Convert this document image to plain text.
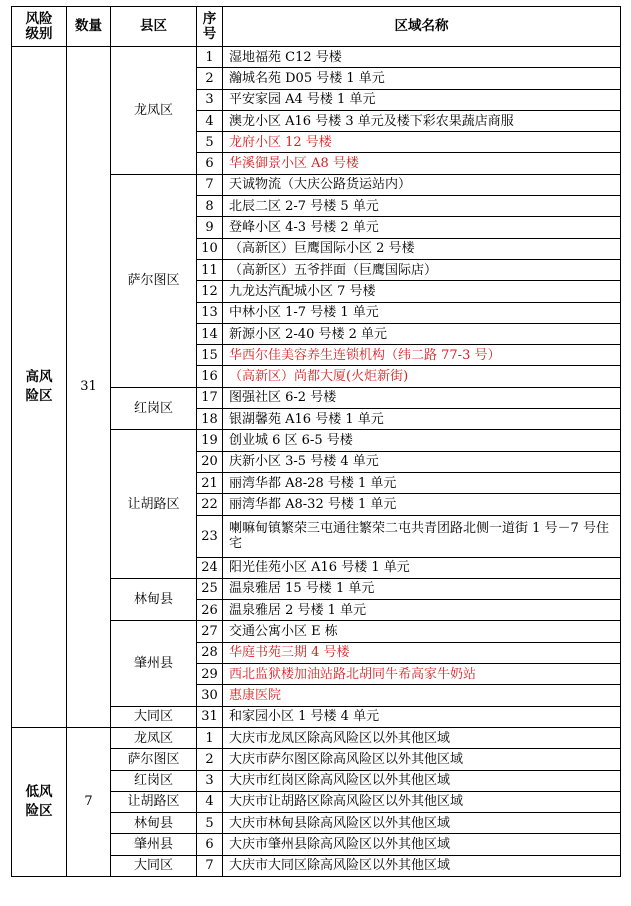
风险
级别	数量	县区	序
号	区域名称
高风
险区	31	龙凤区	1	湿地福苑 C12 号楼
			2	瀚城名苑 D05 号楼 1 单元
			3	平安家园 A4 号楼 1 单元
			4	澳龙小区 A16 号楼 3 单元及楼下彩农果蔬店商服
			5	龙府小区 12 号楼
			6	华溪御景小区 A8 号楼
		萨尔图区	7	天诚物流（大庆公路货运站内）
			8	北辰二区 2-7 号楼 5 单元
			9	登峰小区 4-3 号楼 2 单元
			10	（高新区）巨鹰国际小区 2 号楼
			11	（高新区）五爷拌面（巨鹰国际店）
			12	九龙达汽配城小区 7 号楼
			13	中林小区 1-7 号楼 1 单元
			14	新源小区 2-40 号楼 2 单元
			15	华西尔佳美容养生连锁机构（纬二路 77-3 号）
			16	（高新区）尚都大厦(火炬新街)
		红岗区	17	图强社区 6-2 号楼
			18	银湖馨苑 A16 号楼 1 单元
		让胡路区	19	创业城 6 区 6-5 号楼
			20	庆新小区 3-5 号楼 4 单元
			21	丽湾华都 A8-28 号楼 1 单元
			22	丽湾华都 A8-32 号楼 1 单元
			23	喇嘛甸镇繁荣三屯通往繁荣二屯共青团路北侧一道街 1 号－7 号住宅
			24	阳光佳苑小区 A16 号楼 1 单元
		林甸县	25	温泉雅居 15 号楼 1 单元
			26	温泉雅居 2 号楼 1 单元
		肇州县	27	交通公寓小区 E 栋
			28	华庭书苑三期 4 号楼
			29	西北监狱楼加油站路北胡同牛希高家牛奶站
			30	惠康医院
		大同区	31	和家园小区 1 号楼 4 单元
低风
险区	7	龙凤区	1	大庆市龙凤区除高风险区以外其他区域
		萨尔图区	2	大庆市萨尔图区除高风险区以外其他区域
		红岗区	3	大庆市红岗区除高风险区以外其他区域
		让胡路区	4	大庆市让胡路区除高风险区以外其他区域
		林甸县	5	大庆市林甸县除高风险区以外其他区域
		肇州县	6	大庆市肇州县除高风险区以外其他区域
		大同区	7	大庆市大同区除高风险区以外其他区域
